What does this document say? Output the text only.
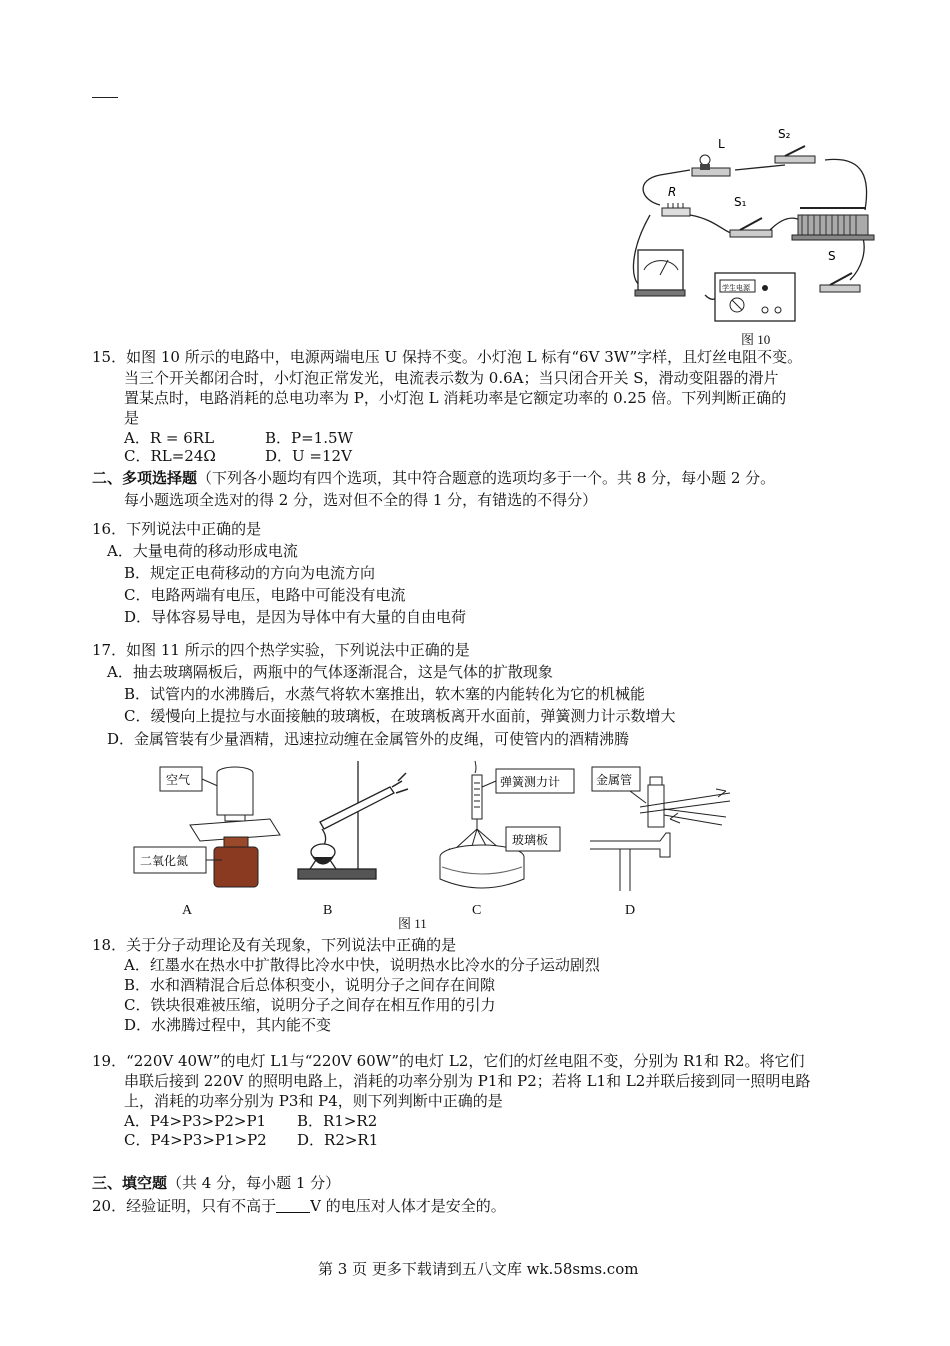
L
S₂
R
S₁
学生电源
S
图 10
15．如图 10 所示的电路中，电源两端电压 U 保持不变。小灯泡 L 标有“6V 3W”字样，且灯丝电阻不变。
当三个开关都闭合时，小灯泡正常发光，电流表示数为 0.6A；当只闭合开关 S，滑动变阻器的滑片
置某点时，电路消耗的总电功率为 P，小灯泡 L 消耗功率是它额定功率的 0.25 倍。下列判断正确的
是
A．R = 6RL	B．P=1.5W
C．RL=24Ω	D．U =12V
二、多项选择题（下列各小题均有四个选项，其中符合题意的选项均多于一个。共 8 分，每小题 2 分。
每小题选项全选对的得 2 分，选对但不全的得 1 分，有错选的不得分）
16．下列说法中正确的是
A．大量电荷的移动形成电流
B．规定正电荷移动的方向为电流方向
C．电路两端有电压，电路中可能没有电流
D．导体容易导电，是因为导体中有大量的自由电荷
17．如图 11 所示的四个热学实验，下列说法中正确的是
A．抽去玻璃隔板后，两瓶中的气体逐渐混合，这是气体的扩散现象
B．试管内的水沸腾后，水蒸气将软木塞推出，软木塞的内能转化为它的机械能
C．缓慢向上提拉与水面接触的玻璃板，在玻璃板离开水面前，弹簧测力计示数增大
D．金属管装有少量酒精，迅速拉动缠在金属管外的皮绳，可使管内的酒精沸腾
空气
二氧化氮
弹簧测力计
玻璃板
金属管
A	B
图 11
C	D
18．关于分子动理论及有关现象，下列说法中正确的是
A．红墨水在热水中扩散得比冷水中快，说明热水比冷水的分子运动剧烈
B．水和酒精混合后总体积变小，说明分子之间存在间隙
C．铁块很难被压缩，说明分子之间存在相互作用的引力
D．水沸腾过程中，其内能不变
19．“220V 40W”的电灯 L1与“220V 60W”的电灯 L2，它们的灯丝电阻不变，分别为 R1和 R2。将它们
串联后接到 220V 的照明电路上，消耗的功率分别为 P1和 P2；若将 L1和 L2并联后接到同一照明电路
上，消耗的功率分别为 P3和 P4，则下列判断中正确的是
A．P4>P3>P2>P1 B．R1>R2
C．P4>P3>P1>P2 D．R2>R1
三、填空题（共 4 分，每小题 1 分）
20．经验证明，只有不高于 V 的电压对人体才是安全的。
第 3 页 更多下载请到五八文库 wk.58sms.com
